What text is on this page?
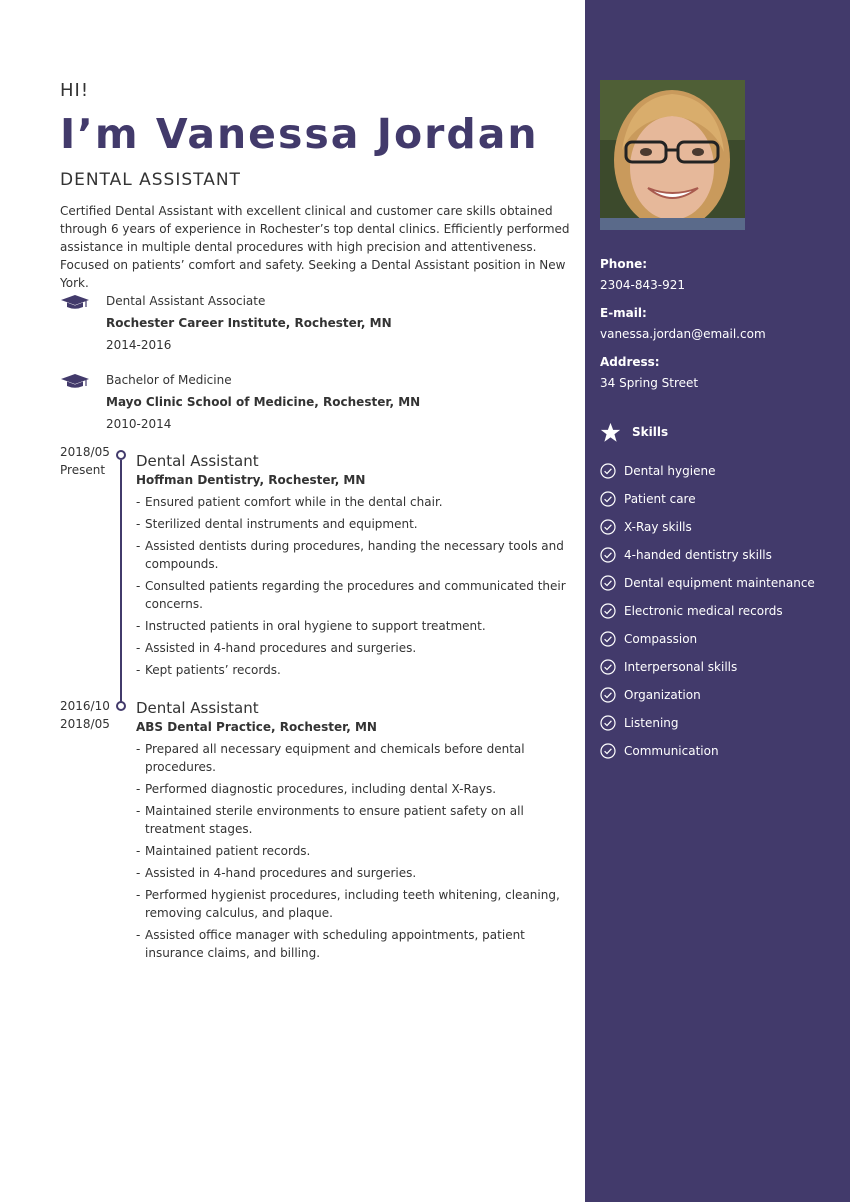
HI!
I’m Vanessa Jordan
DENTAL ASSISTANT
Certified Dental Assistant with excellent clinical and customer care skills obtained through 6 years of experience in Rochester’s top dental clinics. Efficiently performed assistance in multiple dental procedures with high precision and attentiveness. Focused on patients’ comfort and safety. Seeking a Dental Assistant position in New York.
Dental Assistant Associate
Rochester Career Institute, Rochester, MN
2014-2016
Bachelor of Medicine
Mayo Clinic School of Medicine, Rochester, MN
2010-2014
2018/05
Present	Dental Assistant
Hoffman Dentistry, Rochester, MN
- Ensured patient comfort while in the dental chair.
- Sterilized dental instruments and equipment.
- Assisted dentists during procedures, handing the necessary tools and compounds.
- Consulted patients regarding the procedures and communicated their concerns.
- Instructed patients in oral hygiene to support treatment.
- Assisted in 4-hand procedures and surgeries.
- Kept patients’ records.
2016/10
2018/05
Dental Assistant
ABS Dental Practice, Rochester, MN
- Prepared all necessary equipment and chemicals before dental procedures.
- Performed diagnostic procedures, including dental X-Rays.
- Maintained sterile environments to ensure patient safety on all treatment stages.
- Maintained patient records.
- Assisted in 4-hand procedures and surgeries.
- Performed hygienist procedures, including teeth whitening, cleaning, removing calculus, and plaque.
- Assisted office manager with scheduling appointments, patient insurance claims, and billing.
Phone:
2304-843-921
E-mail:
vanessa.jordan@email.com
Address:
34 Spring Street
Skills
Dental hygiene
Patient care
X-Ray skills
4-handed dentistry skills
Dental equipment maintenance
Electronic medical records
Compassion
Interpersonal skills
Organization
Listening
Communication
